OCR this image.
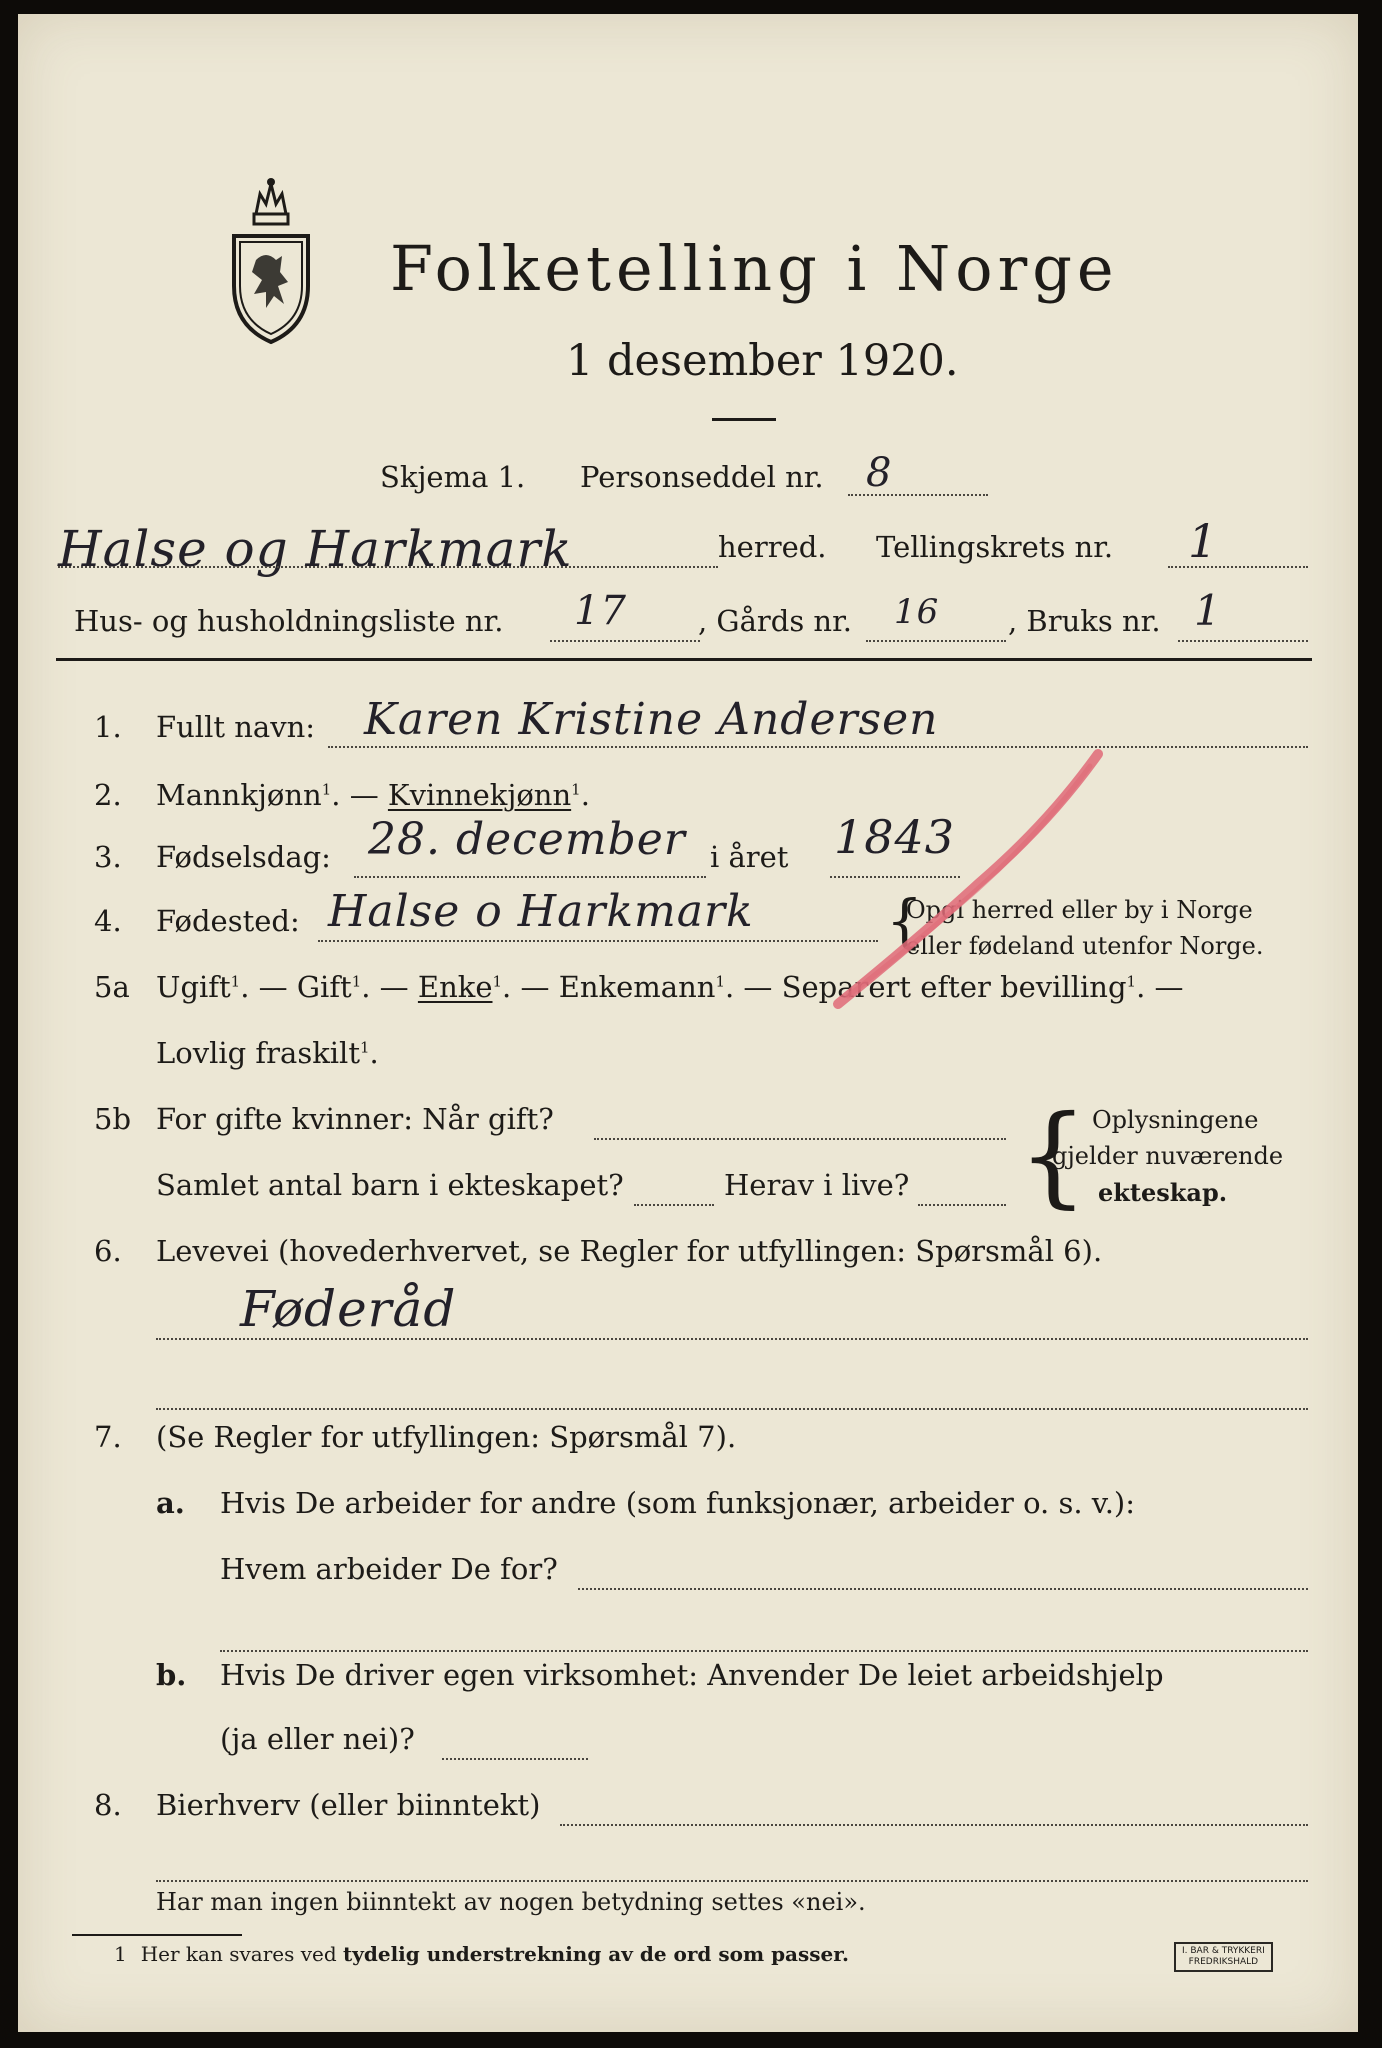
Folketelling i Norge
1 desember 1920.
Skjema 1. Personseddel nr. 8
Halse og Harkmark	herred. Tellingskrets nr. 1
Hus- og husholdningsliste nr. 17 , Gårds nr. 16 , Bruks nr. 1
1. Fullt navn: Karen Kristine Andersen
2. Mannkjønn$^1$. — Kvinnekjønn$^1$.
3. Fødselsdag: 28. december i året 1843
4. Fødested: Halse o Harkmark {
Opgi herred eller by i Norge
eller fødeland utenfor Norge.
5a Ugift$^1$. — Gift$^1$. — Enke$^1$. — Enkemann$^1$. — Separert efter bevilling$^1$. —
Lovlig fraskilt$^1$.
5b For gifte kvinner: Når gift?
Samlet antal barn i ekteskapet?	Herav i live? { Oplysningene
gjelder nuværende
ekteskap.
6. Levevei (hovederhvervet, se Regler for utfyllingen: Spørsmål 6).
Føderåd
7. (Se Regler for utfyllingen: Spørsmål 7).
a. Hvis De arbeider for andre (som funksjonær, arbeider o. s. v.):
Hvem arbeider De for?
b. Hvis De driver egen virksomhet: Anvender De leiet arbeidshjelp
(ja eller nei)?
8. Bierhverv (eller biinntekt)
Har man ingen biinntekt av nogen betydning settes «nei».
1 Her kan svares ved tydelig understrekning av de ord som passer.	I. BAR & TRYKKERI
FREDRIKSHALD
